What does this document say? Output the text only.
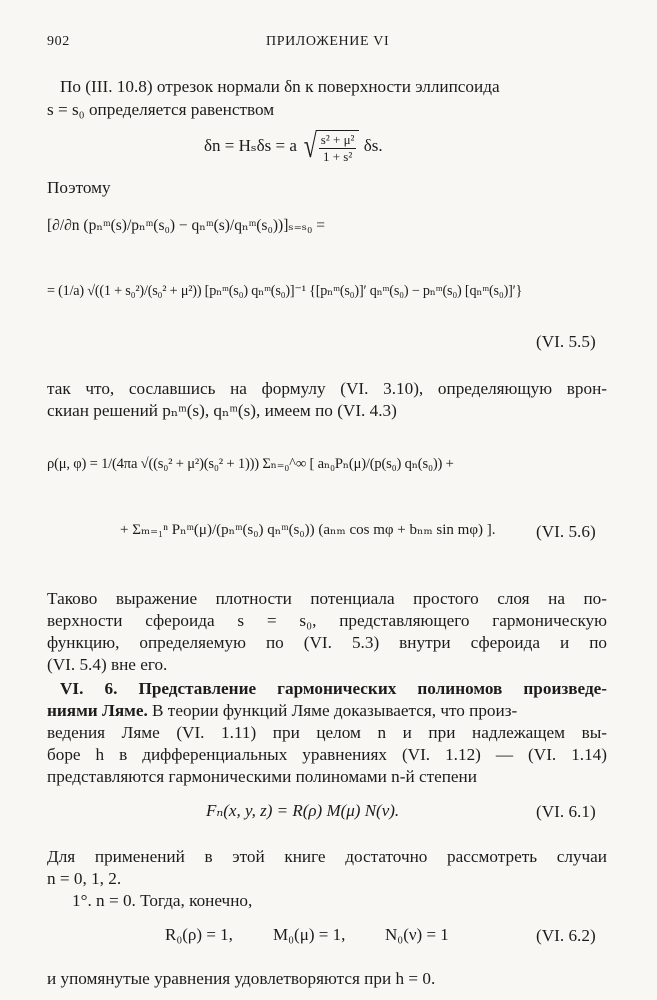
902	ПРИЛОЖЕНИЕ VI
По (III. 10.8) отрезок нормали δn к поверхности эллипсоида
s = s₀ определяется равенством
δn = Hₛδs = a √ $\frac{\text{s² + μ²}}{\text{1 + s²}} \delta s$.
Поэтому
[∂/∂n (pₙᵐ(s)/pₙᵐ(s₀) − qₙᵐ(s)/qₙᵐ(s₀))]ₛ₌ₛ₀ =
= (1/a) √((1 + s₀²)/(s₀² + μ²)) [pₙᵐ(s₀) qₙᵐ(s₀)]⁻¹ {[pₙᵐ(s₀)]′ qₙᵐ(s₀) − pₙᵐ(s₀) [qₙᵐ(s₀)]′}
(VI. 5.5)
так что, сославшись на формулу (VI. 3.10), определяющую врон-
скиан решений pₙᵐ(s), qₙᵐ(s), имеем по (VI. 4.3)
ρ(μ, φ) = 1/(4πa √((s₀² + μ²)(s₀² + 1))) Σₙ₌₀^∞ [ aₙ₀Pₙ(μ)/(p(s₀) qₙ(s₀)) +
+ Σₘ₌₁ⁿ Pₙᵐ(μ)/(pₙᵐ(s₀) qₙᵐ(s₀)) (aₙₘ cos mφ + bₙₘ sin mφ) ]. (VI. 5.6)
Таково выражение плотности потенциала простого слоя на по-
верхности сфероида s = s₀, представляющего гармоническую
функцию, определяемую по (VI. 5.3) внутри сфероида и по
(VI. 5.4) вне его.
VI. 6. Представление гармонических полиномов произведе-
ниями Ляме. В теории функций Ляме доказывается, что произ-
ведения Ляме (VI. 1.11) при целом n и при надлежащем вы-
боре h в дифференциальных уравнениях (VI. 1.12) — (VI. 1.14)
представляются гармоническими полиномами n-й степени
Fₙ(x, y, z) = R(ρ) M(μ) N(ν).	(VI. 6.1)
Для применений в этой книге достаточно рассмотреть случаи
n = 0, 1, 2.
1°. n = 0. Тогда, конечно,
R₀(ρ) = 1, M₀(μ) = 1, N₀(ν) = 1	(VI. 6.2)
и упомянутые уравнения удовлетворяются при h = 0.
